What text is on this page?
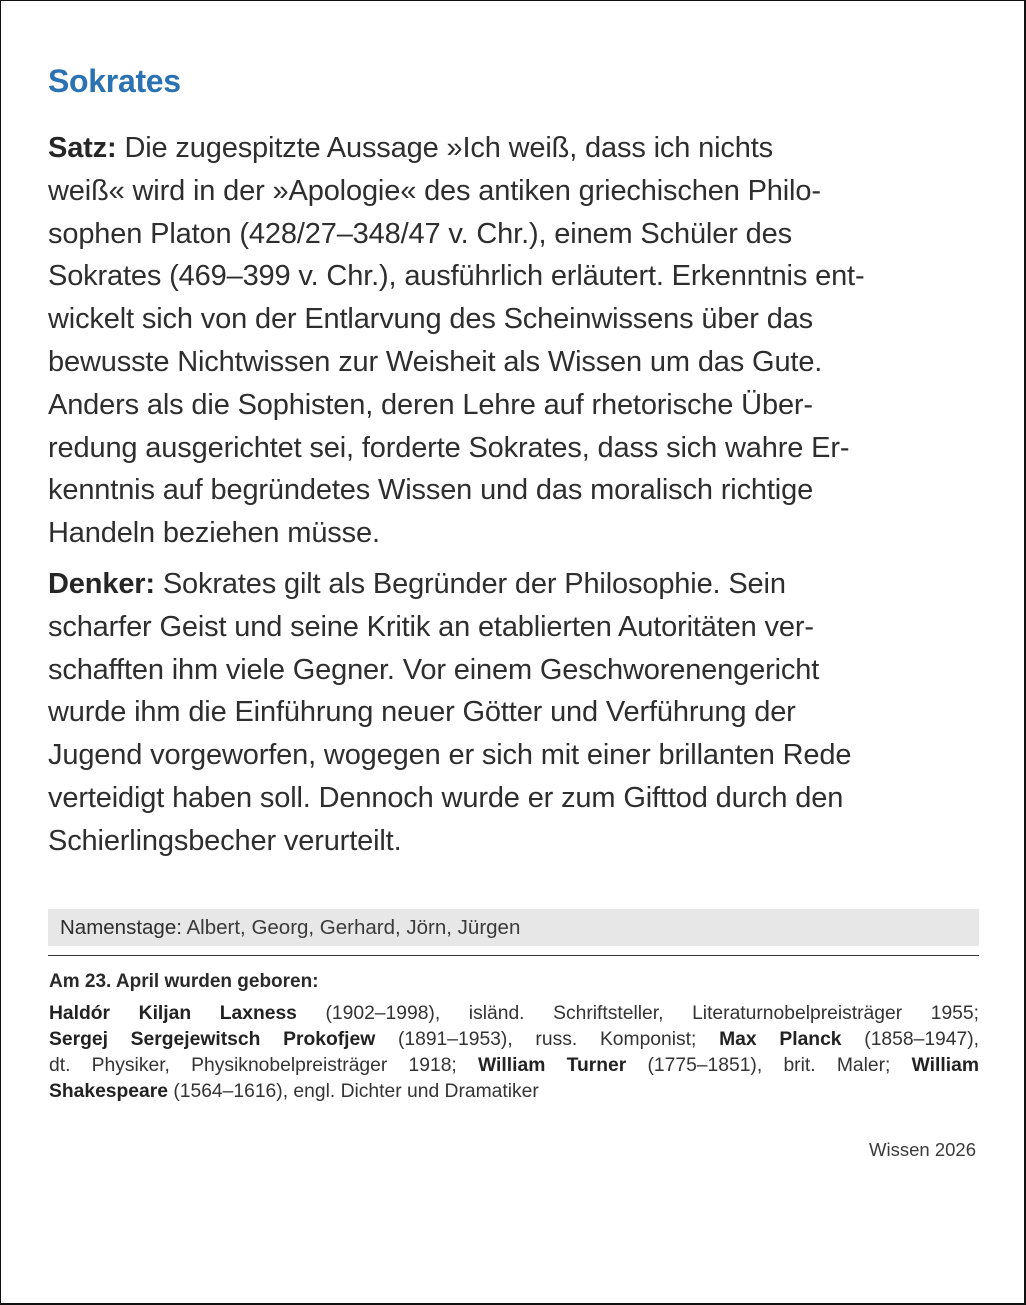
Sokrates
Satz: Die zugespitzte Aussage »Ich weiß, dass ich nichts
weiß« wird in der »Apologie« des antiken griechischen Philo-
sophen Platon (428/27–348/47 v. Chr.), einem Schüler des
Sokrates (469–399 v. Chr.), ausführlich erläutert. Erkenntnis ent-
wickelt sich von der Entlarvung des Scheinwissens über das
bewusste Nichtwissen zur Weisheit als Wissen um das Gute.
Anders als die Sophisten, deren Lehre auf rhetorische Über-
redung ausgerichtet sei, forderte Sokrates, dass sich wahre Er-
kenntnis auf begründetes Wissen und das moralisch richtige
Handeln beziehen müsse.
Denker: Sokrates gilt als Begründer der Philosophie. Sein
scharfer Geist und seine Kritik an etablierten Autoritäten ver-
schafften ihm viele Gegner. Vor einem Geschworenengericht
wurde ihm die Einführung neuer Götter und Verführung der
Jugend vorgeworfen, wogegen er sich mit einer brillanten Rede
verteidigt haben soll. Dennoch wurde er zum Gifttod durch den
Schierlingsbecher verurteilt.
Namenstage: Albert, Georg, Gerhard, Jörn, Jürgen
Am 23. April wurden geboren:
Haldór Kiljan Laxness (1902–1998), isländ. Schriftsteller, Literaturnobelpreisträger 1955;
Sergej Sergejewitsch Prokofjew (1891–1953), russ. Komponist; Max Planck (1858–1947),
dt. Physiker, Physiknobelpreisträger 1918; William Turner (1775–1851), brit. Maler; William
Shakespeare (1564–1616), engl. Dichter und Dramatiker
Wissen 2026
